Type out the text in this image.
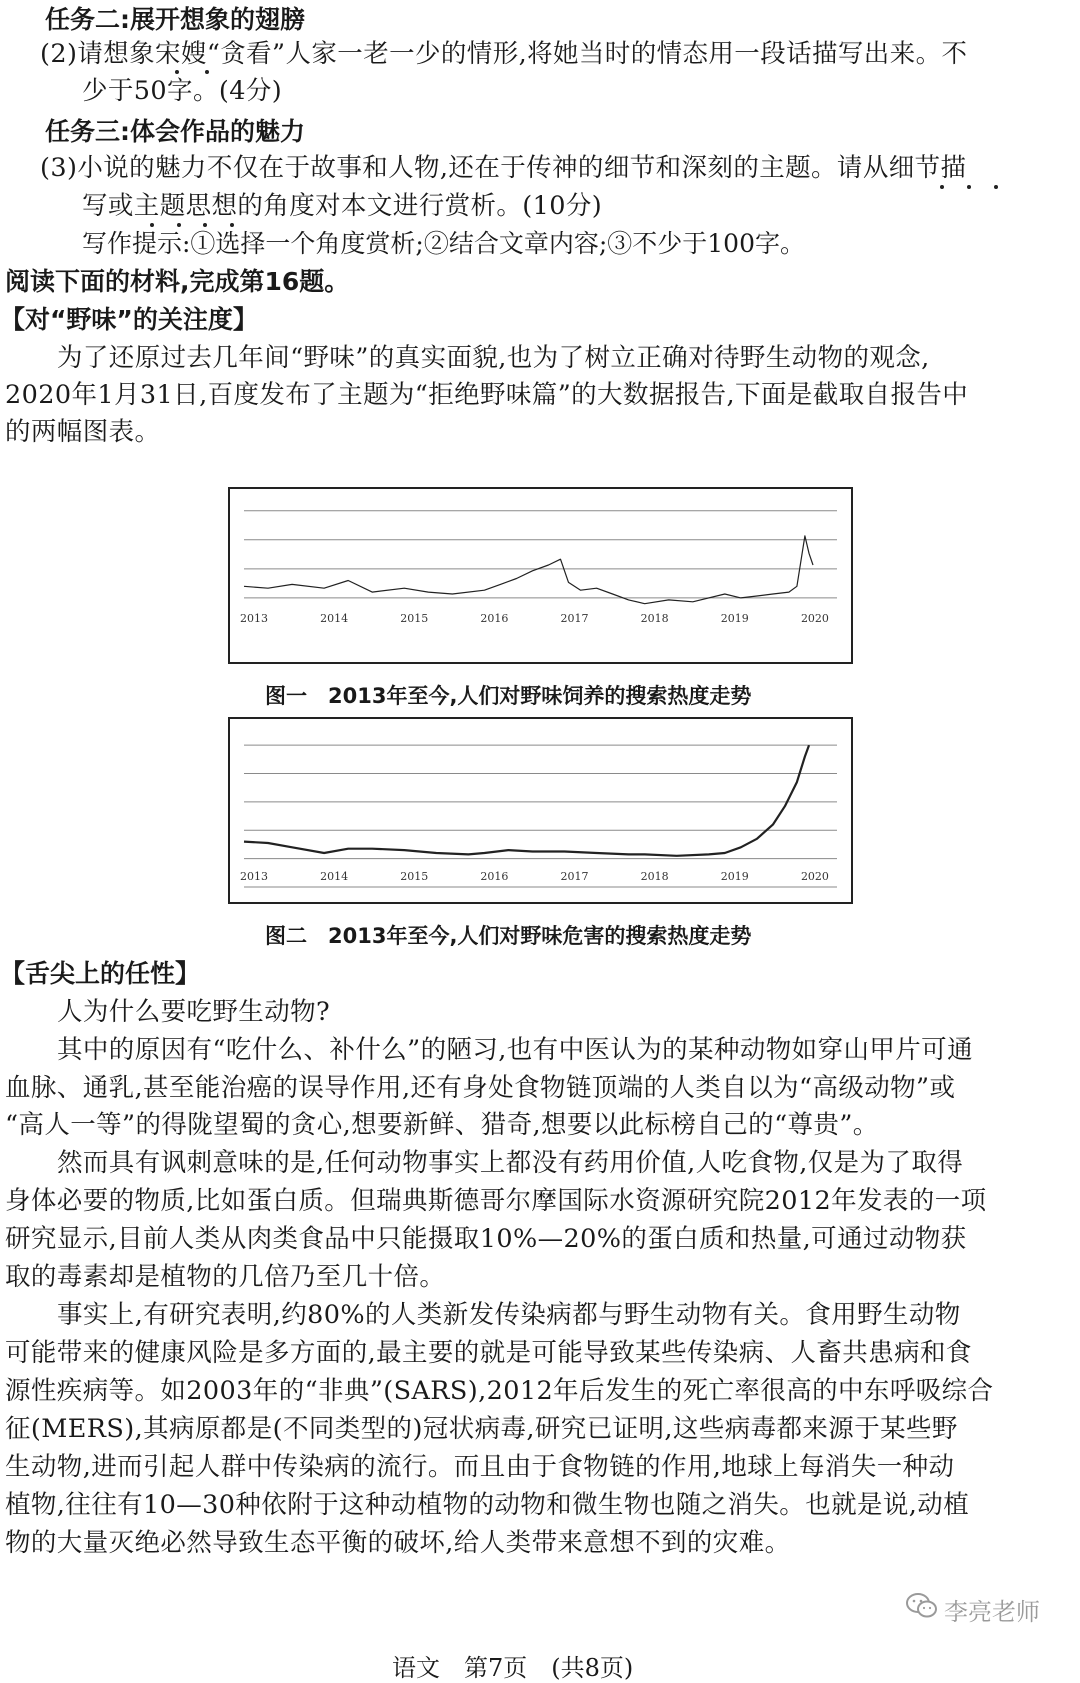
任务二:展开想象的翅膀
(2)请想象宋嫂“贪看”人家一老一少的情形,将她当时的情态用一段话描写出来。不
少于50字。(4分)
任务三:体会作品的魅力
(3)小说的魅力不仅在于故事和人物,还在于传神的细节和深刻的主题。请从细节描
写或主题思想的角度对本文进行赏析。(10分)
写作提示:①选择一个角度赏析;②结合文章内容;③不少于100字。
阅读下面的材料,完成第16题。
【对“野味”的关注度】
为了还原过去几年间“野味”的真实面貌,也为了树立正确对待野生动物的观念,
2020年1月31日,百度发布了主题为“拒绝野味篇”的大数据报告,下面是截取自报告中
的两幅图表。
2013	2014	2015	2016	2017	2018	2019	2020
图一　2013年至今,人们对野味饲养的搜索热度走势
2013	2014	2015	2016	2017	2018	2019	2020
图二　2013年至今,人们对野味危害的搜索热度走势
【舌尖上的任性】
人为什么要吃野生动物?
其中的原因有“吃什么、补什么”的陋习,也有中医认为的某种动物如穿山甲片可通
血脉、通乳,甚至能治癌的误导作用,还有身处食物链顶端的人类自以为“高级动物”或
“高人一等”的得陇望蜀的贪心,想要新鲜、猎奇,想要以此标榜自己的“尊贵”。
然而具有讽刺意味的是,任何动物事实上都没有药用价值,人吃食物,仅是为了取得
身体必要的物质,比如蛋白质。但瑞典斯德哥尔摩国际水资源研究院2012年发表的一项
研究显示,目前人类从肉类食品中只能摄取10%—20%的蛋白质和热量,可通过动物获
取的毒素却是植物的几倍乃至几十倍。
事实上,有研究表明,约80%的人类新发传染病都与野生动物有关。食用野生动物
可能带来的健康风险是多方面的,最主要的就是可能导致某些传染病、人畜共患病和食
源性疾病等。如2003年的“非典”(SARS),2012年后发生的死亡率很高的中东呼吸综合
征(MERS),其病原都是(不同类型的)冠状病毒,研究已证明,这些病毒都来源于某些野
生动物,进而引起人群中传染病的流行。而且由于食物链的作用,地球上每消失一种动
植物,往往有10—30种依附于这种动植物的动物和微生物也随之消失。也就是说,动植
物的大量灭绝必然导致生态平衡的破坏,给人类带来意想不到的灾难。
李亮老师
语文　第7页　(共8页)
